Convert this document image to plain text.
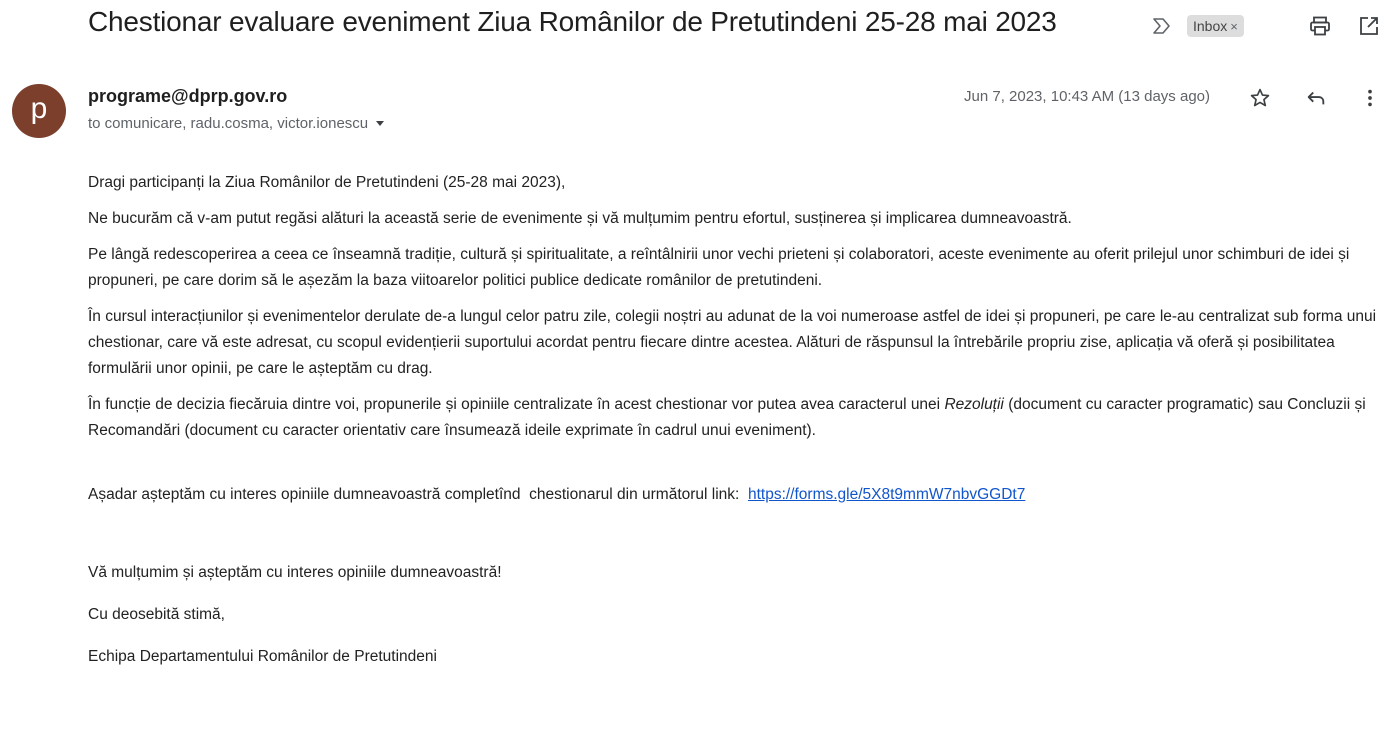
Chestionar evaluare eveniment Ziua Românilor de Pretutindeni 25-28 mai 2023	Inbox ×
p	programe@dprp.gov.ro
to comunicare, radu.cosma, victor.ionescu
Jun 7, 2023, 10:43 AM (13 days ago)

Dragi participanți la Ziua Românilor de Pretutindeni (25-28 mai 2023),

Ne bucurăm că v-am putut regăsi alături la această serie de evenimente și vă mulțumim pentru efortul, susținerea și implicarea dumneavoastră.

Pe lângă redescoperirea a ceea ce înseamnă tradiție, cultură și spiritualitate, a reîntâlnirii unor vechi prieteni și colaboratori, aceste evenimente au oferit prilejul unor schimburi de idei și propuneri, pe care dorim să le așezăm la baza viitoarelor politici publice dedicate românilor de pretutindeni.

În cursul interacțiunilor și evenimentelor derulate de-a lungul celor patru zile, colegii noștri au adunat de la voi numeroase astfel de idei și propuneri, pe care le-au centralizat sub forma unui chestionar, care vă este adresat, cu scopul evidențierii suportului acordat pentru fiecare dintre acestea. Alături de răspunsul la întrebările propriu zise, aplicația vă oferă și posibilitatea formulării unor opinii, pe care le așteptăm cu drag.

În funcție de decizia fiecăruia dintre voi, propunerile și opiniile centralizate în acest chestionar vor putea avea caracterul unei Rezoluții (document cu caracter programatic) sau Concluzii și Recomandări (document cu caracter orientativ care însumează ideile exprimate în cadrul unui eveniment).

Așadar așteptăm cu interes opiniile dumneavoastră completînd  chestionarul din următorul link:  https://forms.gle/5X8t9mmW7nbvGGDt7

Vă mulțumim și așteptăm cu interes opiniile dumneavoastră!

Cu deosebită stimă,

Echipa Departamentului Românilor de Pretutindeni
